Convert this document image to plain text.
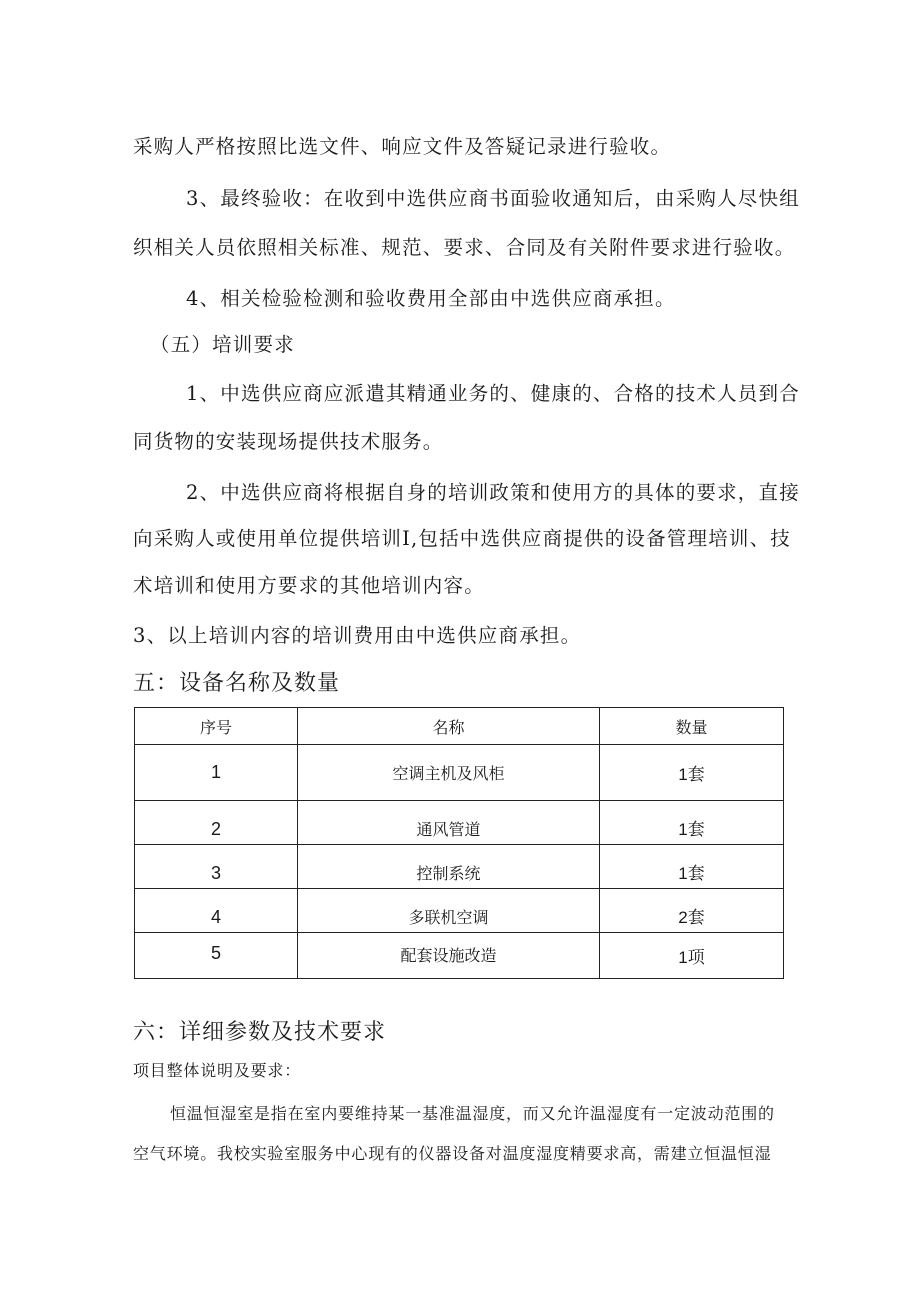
采购人严格按照比选文件、响应文件及答疑记录进行验收。
3、最终验收：在收到中选供应商书面验收通知后，由采购人尽快组
织相关人员依照相关标准、规范、要求、合同及有关附件要求进行验收。
4、相关检验检测和验收费用全部由中选供应商承担。
（五）培训要求
1、中选供应商应派遣其精通业务的、健康的、合格的技术人员到合
同货物的安装现场提供技术服务。
2、中选供应商将根据自身的培训政策和使用方的具体的要求，直接
向采购人或使用单位提供培训I,包括中选供应商提供的设备管理培训、技
术培训和使用方要求的其他培训内容。
3、以上培训内容的培训费用由中选供应商承担。
五：设备名称及数量
序号	名称	数量
1	空调主机及风柜	1套
2	通风管道	1套
3	控制系统	1套
4	多联机空调	2套
5	配套设施改造	1项
六：详细参数及技术要求
项目整体说明及要求：
恒温恒湿室是指在室内要维持某一基准温湿度，而又允许温湿度有一定波动范围的
空气环境。我校实验室服务中心现有的仪器设备对温度湿度精要求高，需建立恒温恒湿
